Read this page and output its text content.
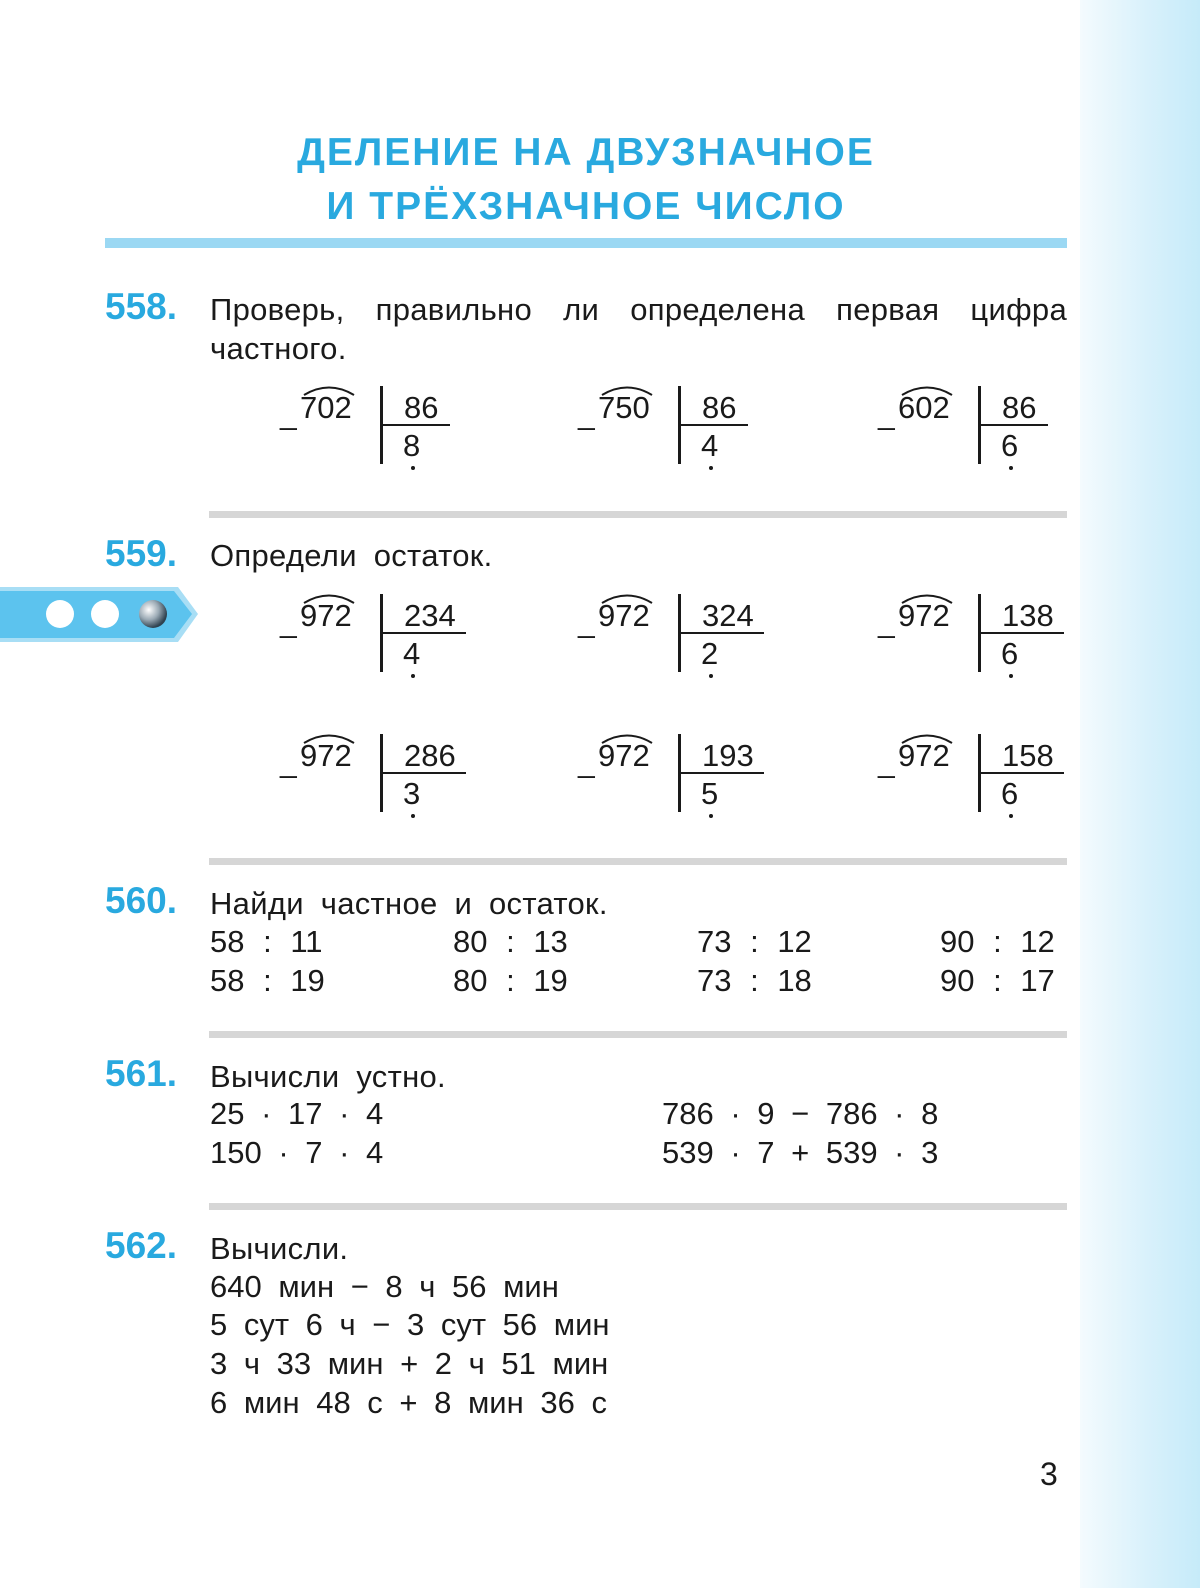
ДЕЛЕНИЕ НА ДВУЗНАЧНОЕ
И ТРЁХЗНАЧНОЕ ЧИСЛО
558. Проверь, правильно ли определена первая цифра
частного.
_ 702 86
8
_ 750 86
4
_ 602 86
6
559. Определи остаток.
_ 972 234
4
_ 972 324
2
_ 972 138
6
_ 972 286
3
_ 972 193
5
_ 972 158
6
560. Найди частное и остаток.
58 : 11	80 : 13	73 : 12	90 : 12
58 : 19	80 : 19	73 : 18	90 : 17
561. Вычисли устно.
25 · 17 · 4	786 · 9 − 786 · 8
150 · 7 · 4	539 · 7 + 539 · 3
562. Вычисли.
640 мин − 8 ч 56 мин
5 сут 6 ч − 3 сут 56 мин
3 ч 33 мин + 2 ч 51 мин
6 мин 48 с + 8 мин 36 с
3
